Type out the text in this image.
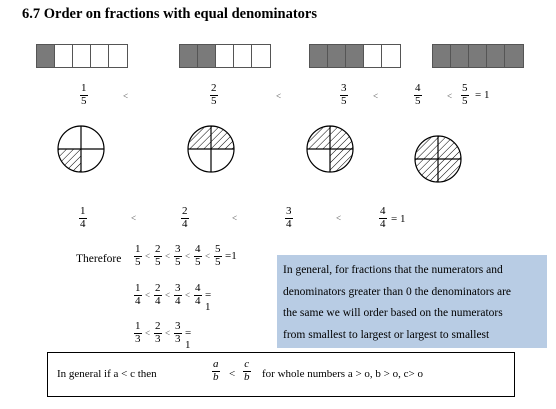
6.7 Order on fractions with equal denominators
$\frac{1}{5}$	<	$\frac{2}{5}$	<	$\frac{3}{5}$	<	$\frac{4}{5}$	< $\frac{5}{5} = 1$
$\frac{1}{4}$	<	$\frac{2}{4}$	<	$\frac{3}{4}$	<	$\frac{4}{4} = 1$
Therefore $\frac{1}{5} < \frac{2}{5} < \frac{3}{5} < \frac{4}{5} < \frac{5}{5} =1$
$\frac{1}{4} < \frac{2}{4} < \frac{3}{4} < \frac{4}{4} = 1$
$\frac{1}{3} < \frac{2}{3} < \frac{3}{3} = 1$
In general, for fractions that the numerators and
denominators greater than 0 the denominators are
the same we will order based on the numerators
from smallest to largest or largest to smallest
In general if a < c then	$\frac{a}{b} < \frac{c}{b}$ for whole numbers a > o, b > o, c> o
